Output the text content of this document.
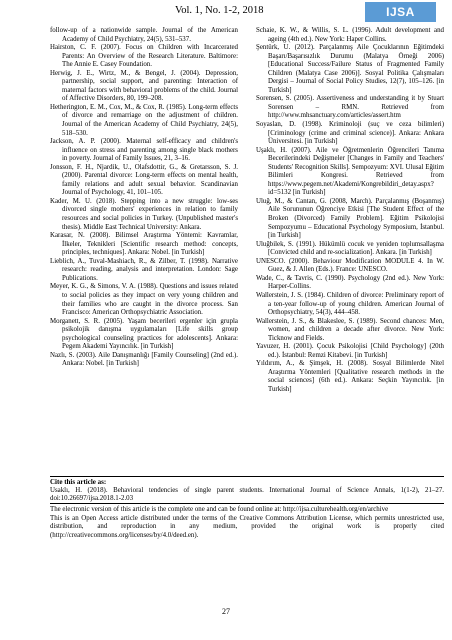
Vol. 1, No. 1-2, 2018	IJSA

follow-up of a nationwide sample. Journal of the American Academy of Child Psychiatry, 24(5), 531–537.

Hairston, C. F. (2007). Focus on Children with Incarcerated Parents: An Overview of the Research Literature. Baltimore: The Annie E. Casey Foundation.

Herwig, J. E., Wirtz, M., & Bengel, J. (2004). Depression, partnership, social support, and parenting: Interaction of maternal factors with behavioral problems of the child. Journal of Affective Disorders, 80, 199–208.

Hetherington, E. M., Cox, M., & Cox, R. (1985). Long-term effects of divorce and remarriage on the adjustment of children. Journal of the American Academy of Child Psychiatry, 24(5), 518–530.

Jackson, A. P. (2000). Maternal self-efficacy and children's influence on stress and parenting among single black mothers in poverty. Journal of Family Issues, 21, 3–16.

Jonsson, F. H., Njardik, U., Olafsdottir, G., & Gretarsson, S. J. (2000). Parental divorce: Long-term effects on mental health, family relations and adult sexual behavior. Scandinavian Journal of Psychology, 41, 101–105.

Kader, M. U. (2018). Stepping into a new struggle: low-ses divorced single mothers' experiences in relation to family resources and social policies in Turkey. (Unpublished master's thesis). Middle East Technical University: Ankara.

Karasar, N. (2008). Bilimsel Araştırma Yöntemi: Kavramlar, İlkeler, Teknikleri [Scientific research method: concepts, principles, techniques]. Ankara: Nobel. [in Turkish]

Lieblich, A., Tuval-Mashiach, R., & Zilber, T. (1998). Narrative research: reading, analysis and interpretation. London: Sage Publications.

Meyer, K. G., & Simons, V. A. (1988). Questions and issues related to social policies as they impact on very young children and their families who are caught in the divorce process. San Francisco: American Orthopsychiatric Association.

Morganett, S. R. (2005). Yaşam becerileri ergenler için grupla psikolojik danışma uygulamaları [Life skills group psychological counseling practices for adolescents]. Ankara: Pegem Akademi Yayıncılık. [in Turkish]

Nazlı, S. (2003). Aile Danışmanlığı [Family Counseling] (2nd ed.). Ankara: Nobel. [in Turkish]

Schaie, K. W., & Willis, S. L. (1996). Adult development and ageing (4th ed.). New York: Haper Collins.

Şentürk, U. (2012). Parçalanmış Aile Çocuklarının Eğitimdeki Başarı/Başarısızlık Durumu (Malatya Örneği 2006) [Educational Success/Failure Status of Fragmented Family Children (Malatya Case 2006)]. Sosyal Politika Çalışmaları Dergisi – Journal of Social Policy Studies, 12(7), 105–126. [in Turkish]

Sorensen, S. (2005). Assertiveness and understanding it by Stuart Sorensen – RMN. Retrieved from http://www.mhsanctuary.com/articles/assert.htm

Soyaslan, D. (1998). Kriminoloji (suç ve ceza bilimleri) [Criminology (crime and criminal science)]. Ankara: Ankara Üniversitesi. [in Turkish]

Uşaklı, H. (2007). Aile ve Öğretmenlerin Öğrencileri Tanıma Becerilerindeki Değişmeler [Changes in Family and Teachers' Students' Recognition Skills]. Sempozyum: XVI. Ulusal Eğitim Bilimleri Kongresi. Retrieved from https://www.pegem.net/Akademi/Kongrebildiri_detay.aspx?id=5132 [in Turkish]

Uluğ, M., & Cantan, G. (2008, March). Parçalanmış (Boşanmış) Aile Sorununun Öğrenciye Etkisi [The Student Effect of the Broken (Divorced) Family Problem]. Eğitim Psikolojisi Sempozyumu – Educational Psychology Symposium, İstanbul. [in Turkish]

Uluğbilek, S. (1991). Hükümlü cocuk ve yeniden toplumsallaşma [Convicted child and re-socialization]. Ankara. [in Turkish]

UNESCO. (2000). Behaviour Modification MODULE 4. In W. Guez, & J. Allen (Eds.). France: UNESCO.

Wade, C., & Tavris, C. (1990). Psychology (2nd ed.). New York: Harper-Collins.

Wallerstein, J. S. (1984). Children of divorce: Preliminary report of a ten-year follow-up of young children. American Journal of Orthopsychiatry, 54(3), 444–458.

Wallerstein, J. S., & Blakeslee, S. (1989). Second chances: Men, women, and children a decade after divorce. New York: Ticknow and Fields.

Yavuzer, H. (2001). Çocuk Psikolojisi [Child Psychology] (20th ed.). İstanbul: Remzi Kitabevi. [in Turkish]

Yıldırım, A., & Şimşek, H. (2008). Sosyal Bilimlerde Nitel Araştırma Yöntemleri [Qualitative research methods in the social sciences] (6th ed.). Ankara: Seçkin Yayıncılık. [in Turkish]

Cite this article as:
Usaklı, H. (2018). Behavioral tendencies of single parent students. International Journal of Science Annals, 1(1-2), 21–27. doi:10.26697/ijsa.2018.1-2.03

The electronic version of this article is the complete one and can be found online at: http://ijsa.culturehealth.org/en/archive

This is an Open Access article distributed under the terms of the Creative Commons Attribution License, which permits unrestricted use, distribution, and reproduction in any medium, provided the original work is properly cited (http://creativecommons.org/licenses/by/4.0/deed.en).

27
